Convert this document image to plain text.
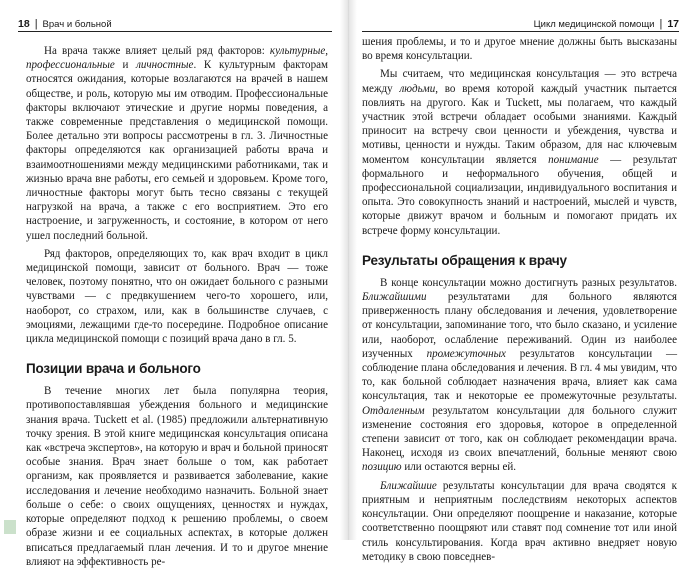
18 | Врач и больной

На врача также влияет целый ряд факторов: культурные, профессиональные и личностные. К культурным факторам относятся ожидания, которые возлагаются на врачей в нашем обществе, и роль, которую мы им отводим. Профессиональные факторы включают этические и другие нормы поведения, а также современные представления о медицинской помощи. Более детально эти вопросы рассмотрены в гл. 3. Личностные факторы определяются как организацией работы врача и взаимоотношениями между медицинскими работниками, так и жизнью врача вне работы, его семьей и здоровьем. Кроме того, личностные факторы могут быть тесно связаны с текущей нагрузкой на врача, а также с его восприятием. Это его настроение, и загруженность, и состояние, в котором от него ушел последний больной.

Ряд факторов, определяющих то, как врач входит в цикл медицинской помощи, зависит от больного. Врач — тоже человек, поэтому понятно, что он ожидает больного с разными чувствами — с предвкушением чего-то хорошего, или, наоборот, со страхом, или, как в большинстве случаев, с эмоциями, лежащими где-то посередине. Подробное описание цикла медицинской помощи с позиций врача дано в гл. 5.

Позиции врача и больного

В течение многих лет была популярна теория, противопоставлявшая убеждения больного и медицинские знания врача. Tuckett et al. (1985) предложили альтернативную точку зрения. В этой книге медицинская консультация описана как «встреча экспертов», на которую и врач и больной приносят особые знания. Врач знает больше о том, как работает организм, как проявляется и развивается заболевание, какие исследования и лечение необходимо назначить. Больной знает больше о себе: о своих ощущениях, ценностях и нуждах, которые определяют подход к решению проблемы, о своем образе жизни и ее социальных аспектах, в которые должен вписаться предлагаемый план лечения. И то и другое мнение влияют на эффективность ре-

Цикл медицинской помощи | 17

шения проблемы, и то и другое мнение должны быть высказаны во время консультации.

Мы считаем, что медицинская консультация — это встреча между людьми, во время которой каждый участник пытается повлиять на другого. Как и Tuckett, мы полагаем, что каждый участник этой встречи обладает особыми знаниями. Каждый приносит на встречу свои ценности и убеждения, чувства и мотивы, ценности и нужды. Таким образом, для нас ключевым моментом консультации является понимание — результат формального и неформального обучения, общей и профессиональной социализации, индивидуального воспитания и опыта. Это совокупность знаний и настроений, мыслей и чувств, которые движут врачом и больным и помогают придать их встрече форму консультации.

Результаты обращения к врачу

В конце консультации можно достигнуть разных результатов. Ближайшими результатами для больного являются приверженность плану обследования и лечения, удовлетворение от консультации, запоминание того, что было сказано, и усиление или, наоборот, ослабление переживаний. Один из наиболее изученных промежуточных результатов консультации — соблюдение плана обследования и лечения. В гл. 4 мы увидим, что то, как больной соблюдает назначения врача, влияет как сама консультация, так и некоторые ее промежуточные результаты. Отдаленным результатом консультации для больного служит изменение состояния его здоровья, которое в определенной степени зависит от того, как он соблюдает рекомендации врача. Наконец, исходя из своих впечатлений, больные меняют свою позицию или остаются верны ей.

Ближайшие результаты консультации для врача сводятся к приятным и неприятным последствиям некоторых аспектов консультации. Они определяют поощрение и наказание, которые соответственно поощряют или ставят под сомнение тот или иной стиль консультирования. Когда врач активно внедряет новую методику в свою повседнев-
